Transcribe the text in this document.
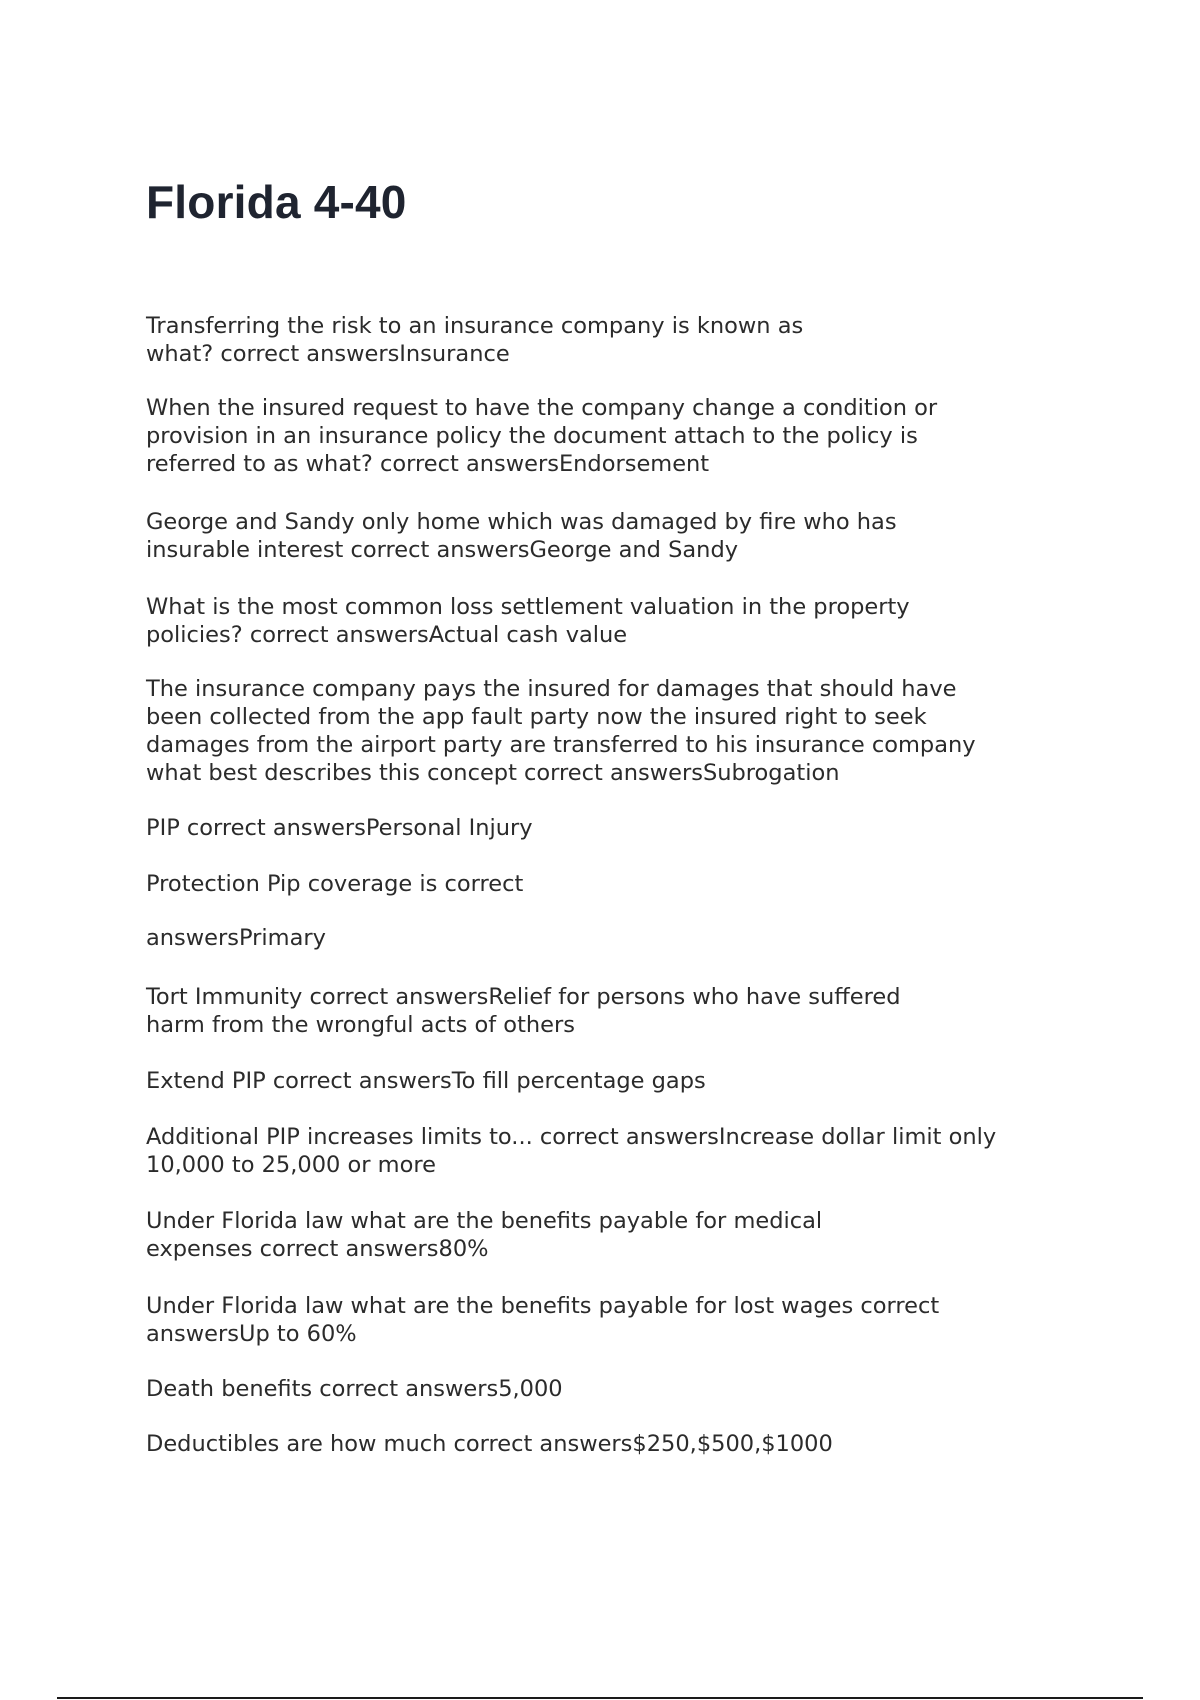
Florida 4-40

Transferring the risk to an insurance company is known as
what? correct answersInsurance

When the insured request to have the company change a condition or
provision in an insurance policy the document attach to the policy is
referred to as what? correct answersEndorsement

George and Sandy only home which was damaged by fire who has
insurable interest correct answersGeorge and Sandy

What is the most common loss settlement valuation in the property
policies? correct answersActual cash value

The insurance company pays the insured for damages that should have
been collected from the app fault party now the insured right to seek
damages from the airport party are transferred to his insurance company
what best describes this concept correct answersSubrogation

PIP correct answersPersonal Injury

Protection Pip coverage is correct

answersPrimary

Tort Immunity correct answersRelief for persons who have suffered
harm from the wrongful acts of others

Extend PIP correct answersTo fill percentage gaps

Additional PIP increases limits to... correct answersIncrease dollar limit only
10,000 to 25,000 or more

Under Florida law what are the benefits payable for medical
expenses correct answers80%

Under Florida law what are the benefits payable for lost wages correct
answersUp to 60%

Death benefits correct answers5,000

Deductibles are how much correct answers$250,$500,$1000
